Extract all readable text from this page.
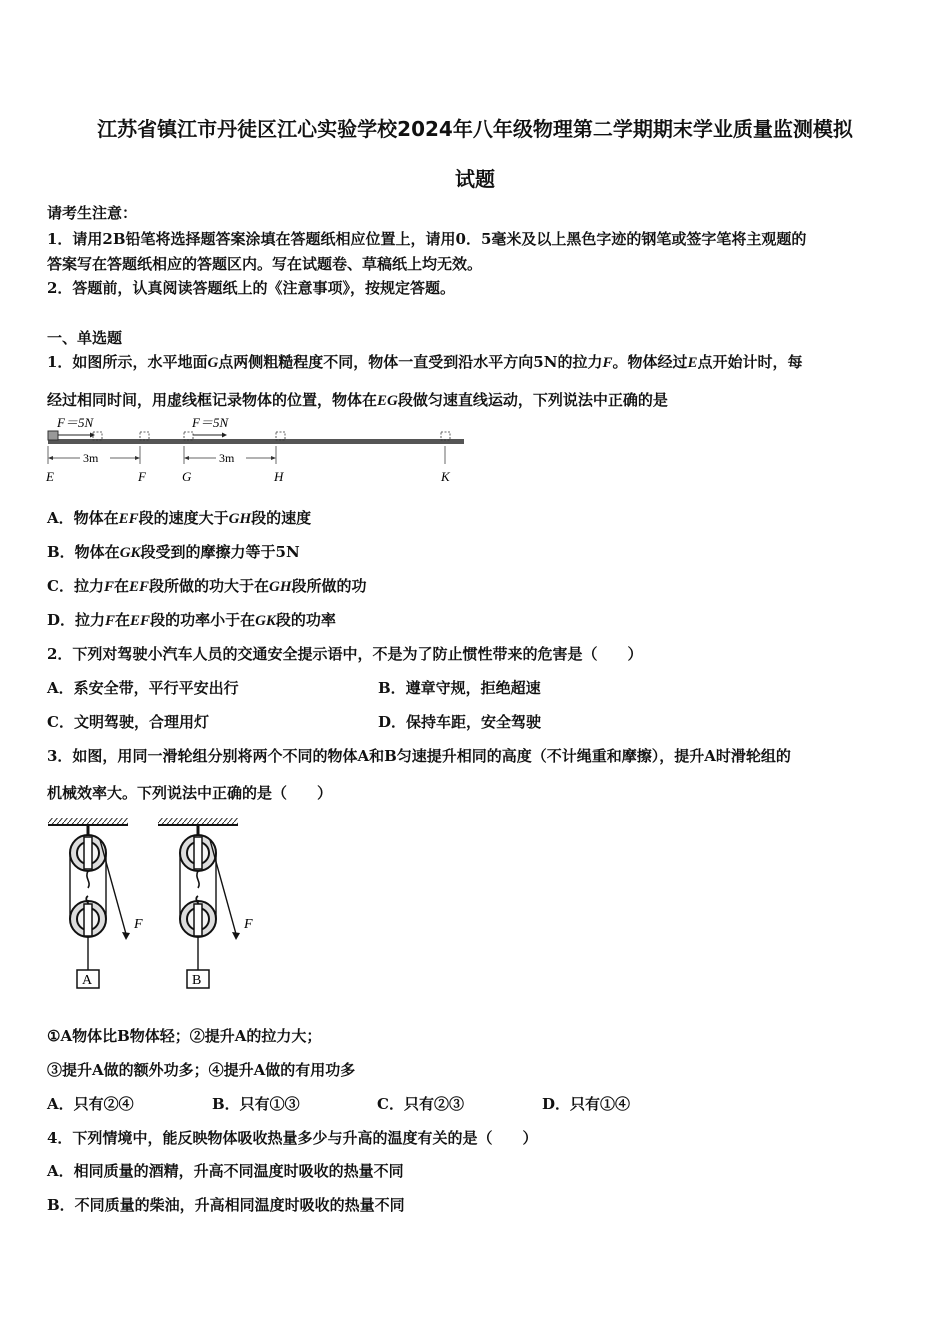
江苏省镇江市丹徒区江心实验学校2024年八年级物理第二学期期末学业质量监测模拟
试题
请考生注意：
1．请用2B铅笔将选择题答案涂填在答题纸相应位置上，请用0．5毫米及以上黑色字迹的钢笔或签字笔将主观题的
答案写在答题纸相应的答题区内。写在试题卷、草稿纸上均无效。
2．答题前，认真阅读答题纸上的《注意事项》，按规定答题。
一、单选题
1．如图所示，水平地面G点两侧粗糙程度不同，物体一直受到沿水平方向5N的拉力F。物体经过E点开始计时，每
经过相同时间，用虚线框记录物体的位置，物体在EG段做匀速直线运动，下列说法中正确的是
F＝5N	F＝5N
3m	3m
E	F	G	H	K
A．物体在EF段的速度大于GH段的速度
B．物体在GK段受到的摩擦力等于5N
C．拉力F在EF段所做的功大于在GH段所做的功
D．拉力F在EF段的功率小于在GK段的功率
2．下列对驾驶小汽车人员的交通安全提示语中，不是为了防止惯性带来的危害是（　　）
A．系安全带，平行平安出行	B．遵章守规，拒绝超速
C．文明驾驶，合理用灯	D．保持车距，安全驾驶
3．如图，用同一滑轮组分别将两个不同的物体A和B匀速提升相同的高度（不计绳重和摩擦），提升A时滑轮组的
机械效率大。下列说法中正确的是（　　）
F
A
F
B
①A物体比B物体轻；②提升A的拉力大；
③提升A做的额外功多；④提升A做的有用功多
A．只有②④	B．只有①③	C．只有②③	D．只有①④
4．下列情境中，能反映物体吸收热量多少与升高的温度有关的是（　　）
A．相同质量的酒精，升高不同温度时吸收的热量不同
B．不同质量的柴油，升高相同温度时吸收的热量不同
